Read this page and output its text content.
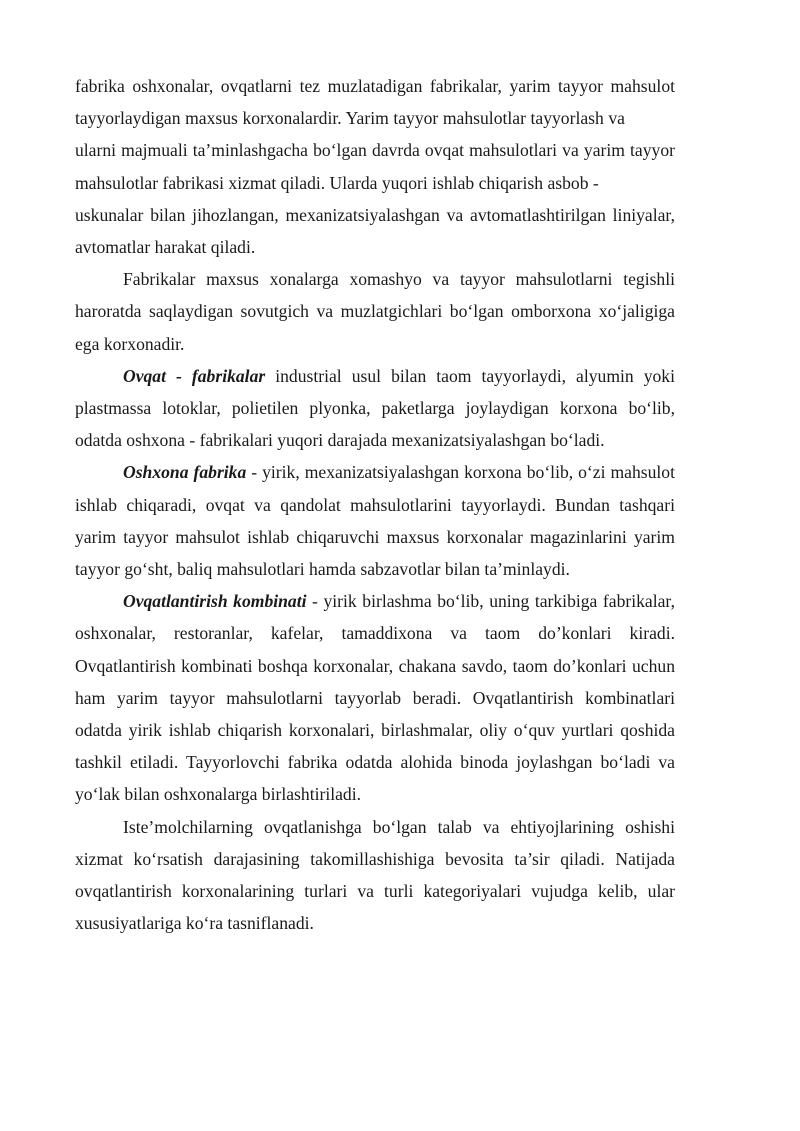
fabrika oshxonalar, ovqatlarni tez muzlatadigan fabrikalar, yarim tayyor mahsulot tayyorlaydigan maxsus korxonalardir. Yarim tayyor mahsulotlar tayyorlash vaularni majmuali ta’minlashgacha bo‘lgan davrda ovqat mahsulotlari va yarim tayyor mahsulotlar fabrikasi xizmat qiladi. Ularda yuqori ishlab chiqarish asbob -

uskunalar bilan jihozlangan, mexanizatsiyalashgan va avtomatlashtirilgan liniyalar, avtomatlar harakat qiladi.

Fabrikalar maxsus xonalarga xomashyo va tayyor mahsulotlarni tegishli haroratda saqlaydigan sovutgich va muzlatgichlari bo‘lgan omborxona xo‘jaligiga ega korxonadir.

Ovqat - fabrikalar industrial usul bilan taom tayyorlaydi, alyumin yoki plastmassa lotoklar, polietilen plyonka, paketlarga joylaydigan korxona bo‘lib, odatda oshxona - fabrikalari yuqori darajada mexanizatsiyalashgan bo‘ladi.

Oshxona fabrika - yirik, mexanizatsiyalashgan korxona bo‘lib, o‘zi mahsulot ishlab chiqaradi, ovqat va qandolat mahsulotlarini tayyorlaydi. Bundan tashqari yarim tayyor mahsulot ishlab chiqaruvchi maxsus korxonalar magazinlarini yarim tayyor go‘sht, baliq mahsulotlari hamda sabzavotlar bilan ta’minlaydi.

Ovqatlantirish kombinati - yirik birlashma bo‘lib, uning tarkibiga fabrikalar, oshxonalar, restoranlar, kafelar, tamaddixona va taom do’konlari kiradi. Ovqatlantirish kombinati boshqa korxonalar, chakana savdo, taom do’konlari uchun ham yarim tayyor mahsulotlarni tayyorlab beradi. Ovqatlantirish kombinatlari odatda yirik ishlab chiqarish korxonalari, birlashmalar, oliy o‘quv yurtlari qoshida tashkil etiladi. Tayyorlovchi fabrika odatda alohida binoda joylashgan bo‘ladi va yo‘lak bilan oshxonalarga birlashtiriladi.

Iste’molchilarning ovqatlanishga bo‘lgan talab va ehtiyojlarining oshishi xizmat ko‘rsatish darajasining takomillashishiga bevosita ta’sir qiladi. Natijada ovqatlantirish korxonalarining turlari va turli kategoriyalari vujudga kelib, ular xususiyatlariga ko‘ra tasniflanadi.
